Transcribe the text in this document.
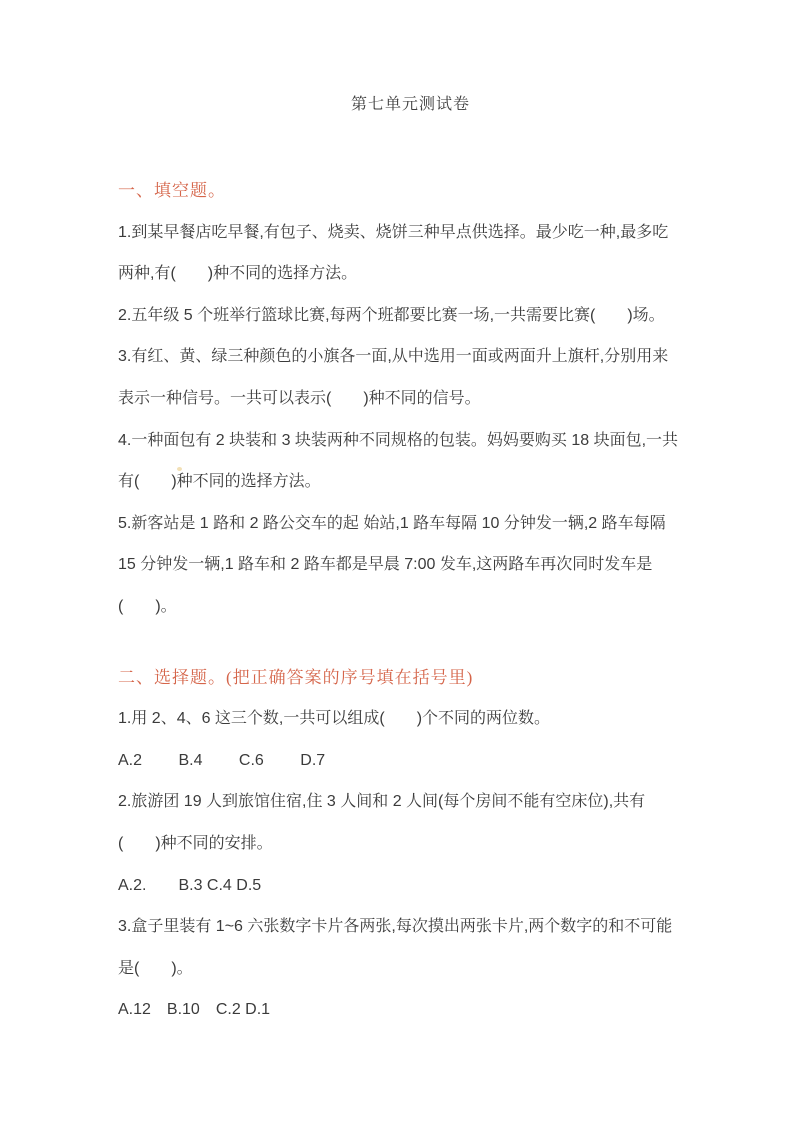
第七单元测试卷
一、填空题。
1.到某早餐店吃早餐,有包子、烧卖、烧饼三种早点供选择。最少吃一种,最多吃
两种,有(　　)种不同的选择方法。
2.五年级 5 个班举行篮球比赛,每两个班都要比赛一场,一共需要比赛(　　)场。
3.有红、黄、绿三种颜色的小旗各一面,从中选用一面或两面升上旗杆,分别用来
表示一种信号。一共可以表示(　　)种不同的信号。
4.一种面包有 2 块装和 3 块装两种不同规格的包装。妈妈要购买 18 块面包,一共
有(　　)种不同的选择方法。
5.新客站是 1 路和 2 路公交车的起 始站,1 路车每隔 10 分钟发一辆,2 路车每隔
15 分钟发一辆,1 路车和 2 路车都是早晨 7:00 发车,这两路车再次同时发车是
(　　)。
二、选择题。(把正确答案的序号填在括号里)
1.用 2、4、6 这三个数,一共可以组成(　　)个不同的两位数。
A.2　　 B.4　　 C.6　　 D.7
2.旅游团 19 人到旅馆住宿,住 3 人间和 2 人间(每个房间不能有空床位),共有
(　　)种不同的安排。
A.2.　　B.3 C.4 D.5
3.盒子里装有 1~6 六张数字卡片各两张,每次摸出两张卡片,两个数字的和不可能
是(　　)。
A.12　B.10　C.2 D.1
